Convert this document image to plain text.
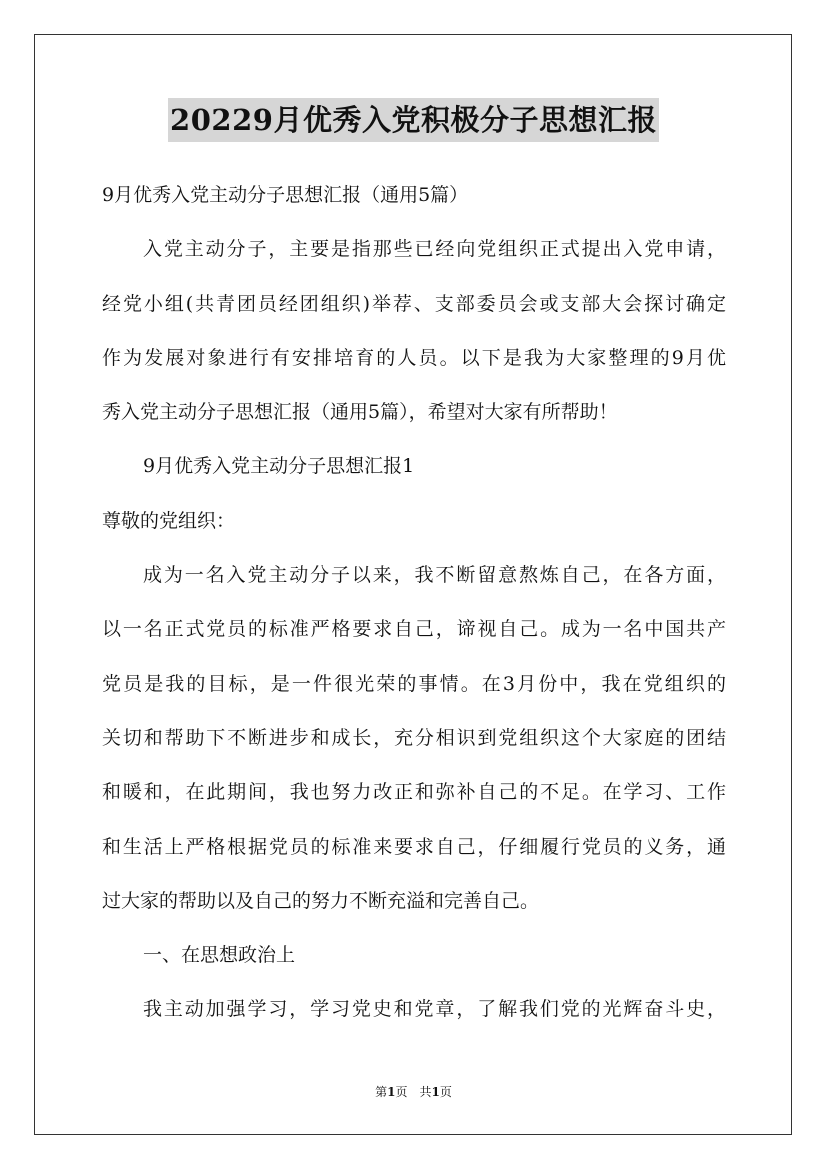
20229月优秀入党积极分子思想汇报
9月优秀入党主动分子思想汇报（通用5篇）
入党主动分子，主要是指那些已经向党组织正式提出入党申请，
经党小组(共青团员经团组织)举荐、支部委员会或支部大会探讨确定
作为发展对象进行有安排培育的人员。以下是我为大家整理的9月优
秀入党主动分子思想汇报（通用5篇），希望对大家有所帮助！
9月优秀入党主动分子思想汇报1
尊敬的党组织：
成为一名入党主动分子以来，我不断留意熬炼自己，在各方面，
以一名正式党员的标准严格要求自己，谛视自己。成为一名中国共产
党员是我的目标，是一件很光荣的事情。在3月份中，我在党组织的
关切和帮助下不断进步和成长，充分相识到党组织这个大家庭的团结
和暖和，在此期间，我也努力改正和弥补自己的不足。在学习、工作
和生活上严格根据党员的标准来要求自己，仔细履行党员的义务，通
过大家的帮助以及自己的努力不断充溢和完善自己。
一、在思想政治上
我主动加强学习，学习党史和党章，了解我们党的光辉奋斗史，
第1页　共1页
